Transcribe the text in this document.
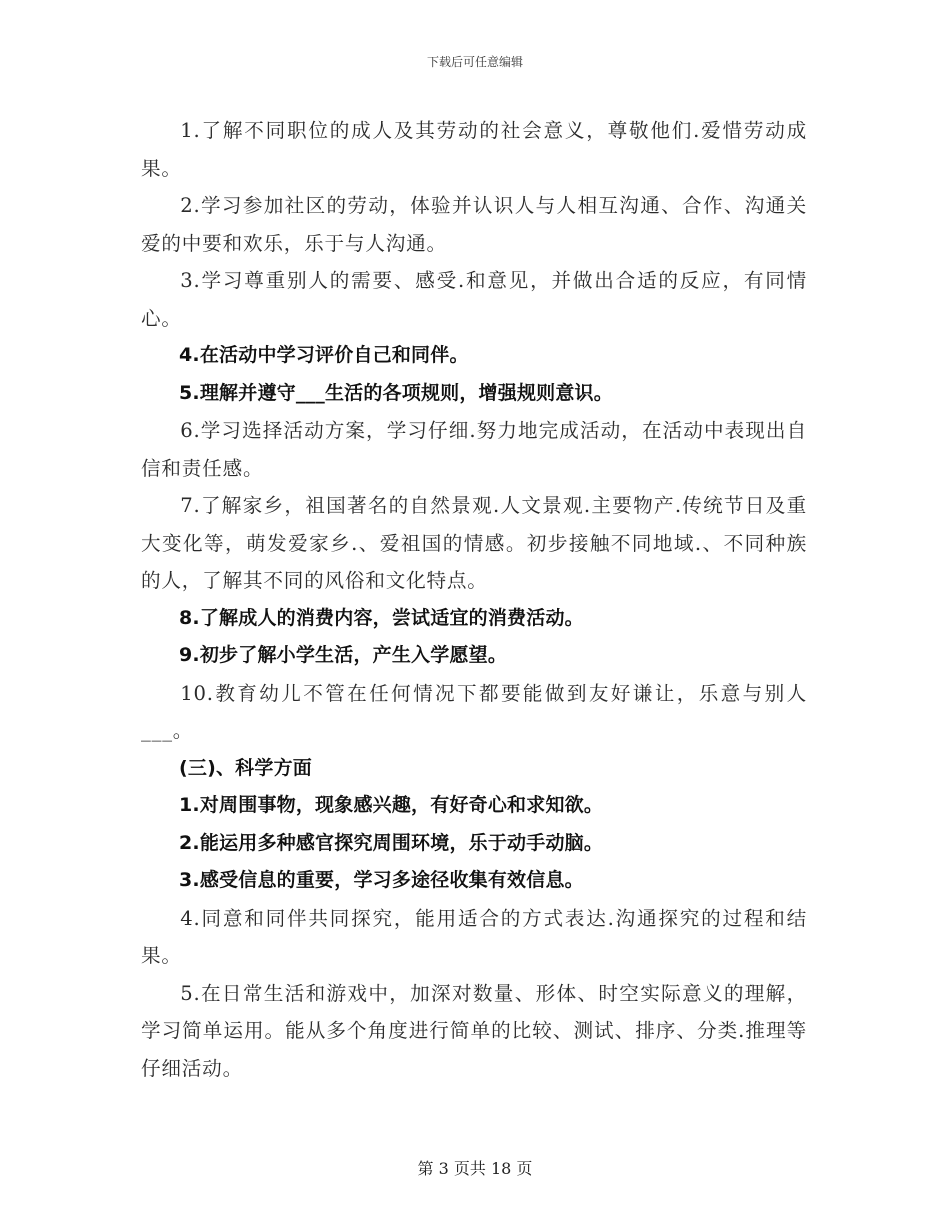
下载后可任意编辑

1.了解不同职位的成人及其劳动的社会意义，尊敬他们.爱惜劳动成果。

2.学习参加社区的劳动，体验并认识人与人相互沟通、合作、沟通关爱的中要和欢乐，乐于与人沟通。

3.学习尊重别人的需要、感受.和意见，并做出合适的反应，有同情心。

4.在活动中学习评价自己和同伴。

5.理解并遵守___生活的各项规则，增强规则意识。

6.学习选择活动方案，学习仔细.努力地完成活动，在活动中表现出自信和责任感。

7.了解家乡，祖国著名的自然景观.人文景观.主要物产.传统节日及重大变化等，萌发爱家乡.、爱祖国的情感。初步接触不同地域.、不同种族的人，了解其不同的风俗和文化特点。

8.了解成人的消费内容，尝试适宜的消费活动。

9.初步了解小学生活，产生入学愿望。

10.教育幼儿不管在任何情况下都要能做到友好谦让，乐意与别人___。

(三)、科学方面

1.对周围事物，现象感兴趣，有好奇心和求知欲。

2.能运用多种感官探究周围环境，乐于动手动脑。

3.感受信息的重要，学习多途径收集有效信息。

4.同意和同伴共同探究，能用适合的方式表达.沟通探究的过程和结果。

5.在日常生活和游戏中，加深对数量、形体、时空实际意义的理解，学习简单运用。能从多个角度进行简单的比较、测试、排序、分类.推理等仔细活动。

第 3 页共 18 页
